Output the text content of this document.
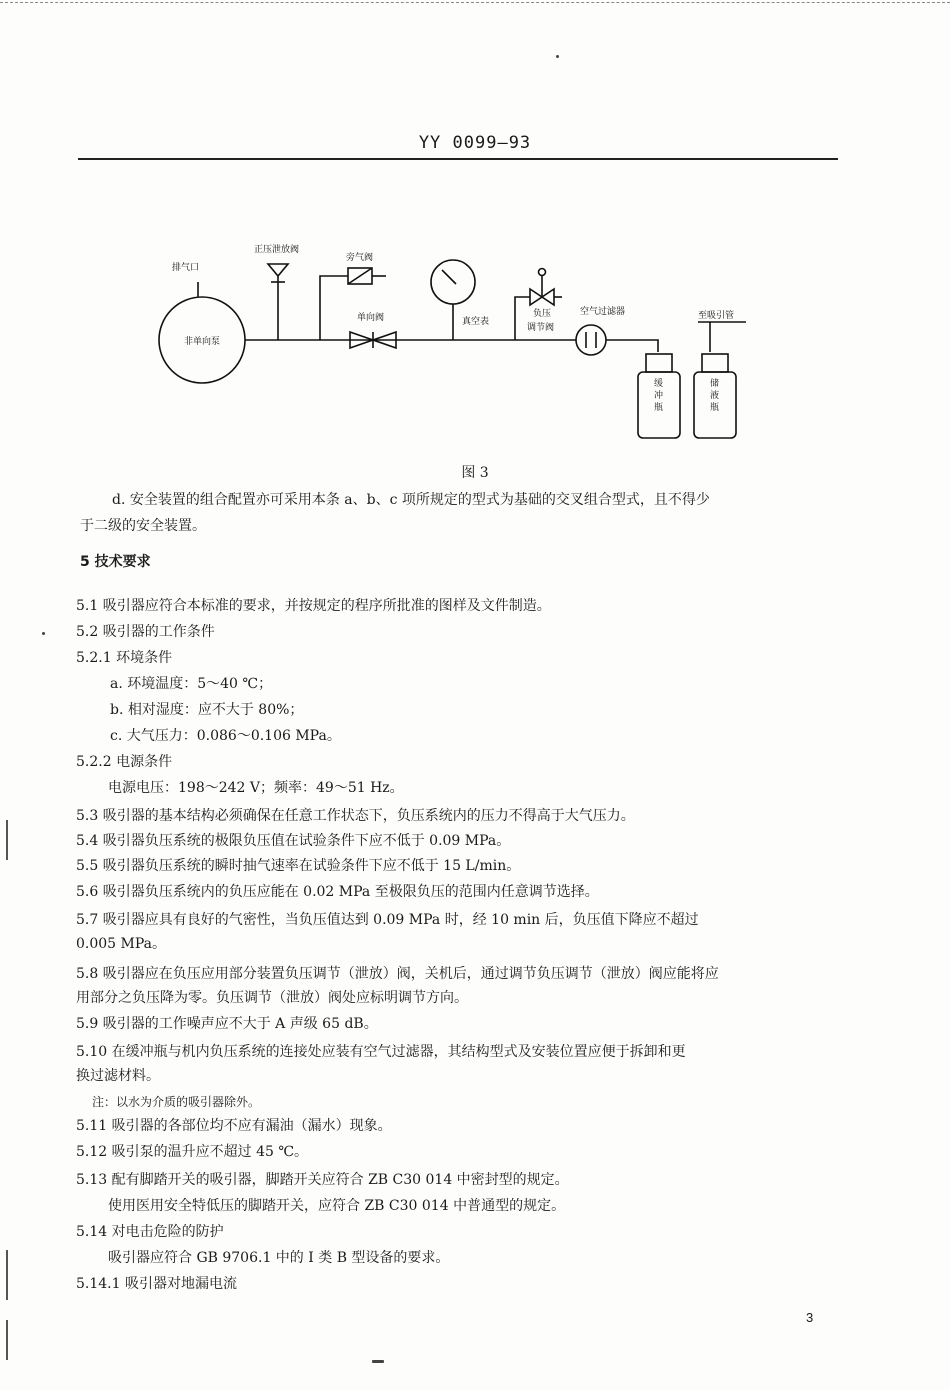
YY 0099—93
排气口
非单向泵
正压泄放阀
旁气阀
单向阀	真空表
负压
调节阀
空气过滤器	至吸引管
缓
冲
瓶
储
液
瓶
图 3
d. 安全装置的组合配置亦可采用本条 a、b、c 项所规定的型式为基础的交叉组合型式，且不得少
于二级的安全装置。
5 技术要求
5.1 吸引器应符合本标准的要求，并按规定的程序所批准的图样及文件制造。
5.2 吸引器的工作条件
5.2.1 环境条件
a. 环境温度：5～40 ℃；
b. 相对湿度：应不大于 80%；
c. 大气压力：0.086～0.106 MPa。
5.2.2 电源条件
电源电压：198～242 V；频率：49～51 Hz。
5.3 吸引器的基本结构必须确保在任意工作状态下，负压系统内的压力不得高于大气压力。
5.4 吸引器负压系统的极限负压值在试验条件下应不低于 0.09 MPa。
5.5 吸引器负压系统的瞬时抽气速率在试验条件下应不低于 15 L/min。
5.6 吸引器负压系统内的负压应能在 0.02 MPa 至极限负压的范围内任意调节选择。
5.7 吸引器应具有良好的气密性，当负压值达到 0.09 MPa 时，经 10 min 后，负压值下降应不超过
0.005 MPa。
5.8 吸引器应在负压应用部分装置负压调节（泄放）阀，关机后，通过调节负压调节（泄放）阀应能将应
用部分之负压降为零。负压调节（泄放）阀处应标明调节方向。
5.9 吸引器的工作噪声应不大于 A 声级 65 dB。
5.10 在缓冲瓶与机内负压系统的连接处应装有空气过滤器，其结构型式及安装位置应便于拆卸和更
换过滤材料。
注：以水为介质的吸引器除外。
5.11 吸引器的各部位均不应有漏油（漏水）现象。
5.12 吸引泵的温升应不超过 45 ℃。
5.13 配有脚踏开关的吸引器，脚踏开关应符合 ZB C30 014 中密封型的规定。
使用医用安全特低压的脚踏开关，应符合 ZB C30 014 中普通型的规定。
5.14 对电击危险的防护
吸引器应符合 GB 9706.1 中的 I 类 B 型设备的要求。
5.14.1 吸引器对地漏电流
3
